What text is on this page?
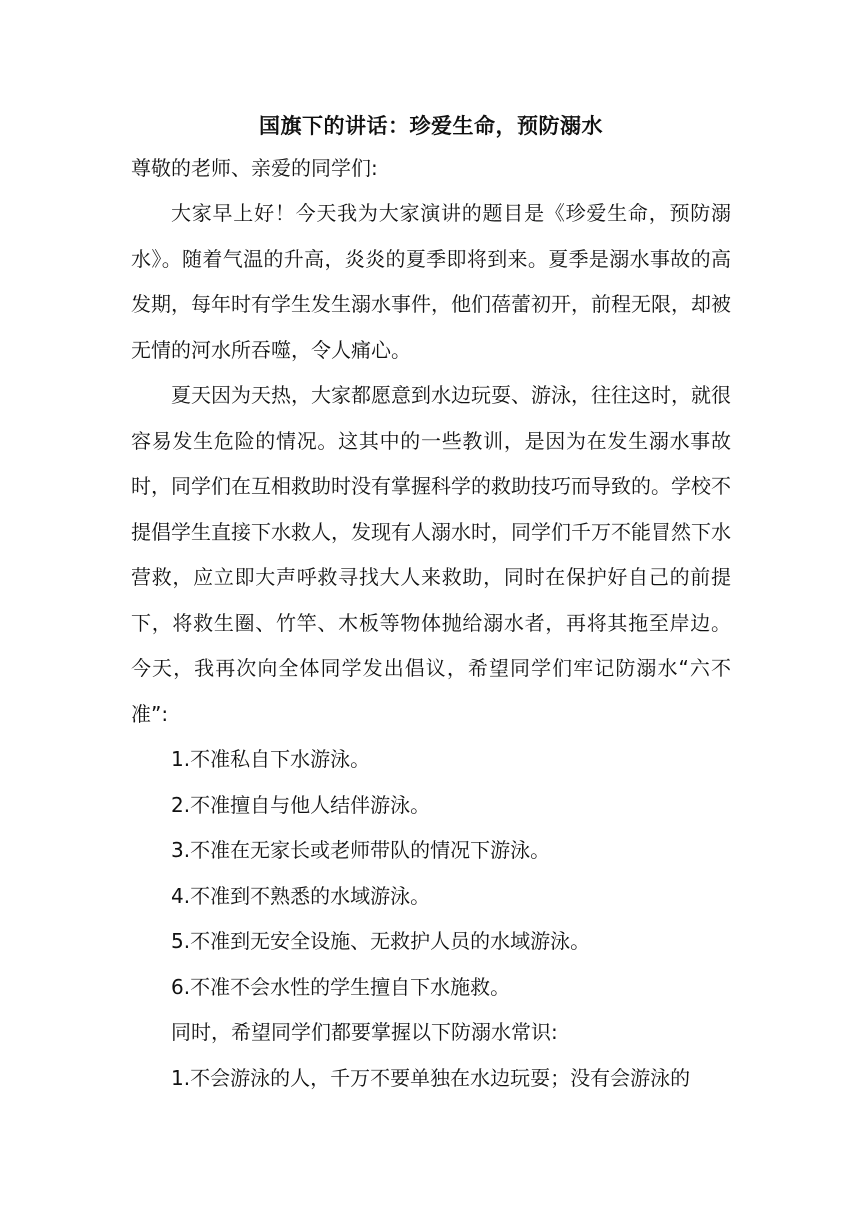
国旗下的讲话：珍爱生命，预防溺水

尊敬的老师、亲爱的同学们:

大家早上好！今天我为大家演讲的题目是《珍爱生命，预防溺水》。随着气温的升高，炎炎的夏季即将到来。夏季是溺水事故的高发期，每年时有学生发生溺水事件，他们蓓蕾初开，前程无限，却被无情的河水所吞噬，令人痛心。

夏天因为天热，大家都愿意到水边玩耍、游泳，往往这时，就很容易发生危险的情况。这其中的一些教训，是因为在发生溺水事故时，同学们在互相救助时没有掌握科学的救助技巧而导致的。学校不提倡学生直接下水救人，发现有人溺水时，同学们千万不能冒然下水营救，应立即大声呼救寻找大人来救助，同时在保护好自己的前提下，将救生圈、竹竿、木板等物体抛给溺水者，再将其拖至岸边。 今天，我再次向全体同学发出倡议，希望同学们牢记防溺水“六不准”:

1.不准私自下水游泳。

2.不准擅自与他人结伴游泳。

3.不准在无家长或老师带队的情况下游泳。

4.不准到不熟悉的水域游泳。

5.不准到无安全设施、无救护人员的水域游泳。

6.不准不会水性的学生擅自下水施救。

同时，希望同学们都要掌握以下防溺水常识:

1.不会游泳的人，千万不要单独在水边玩耍；没有会游泳的
